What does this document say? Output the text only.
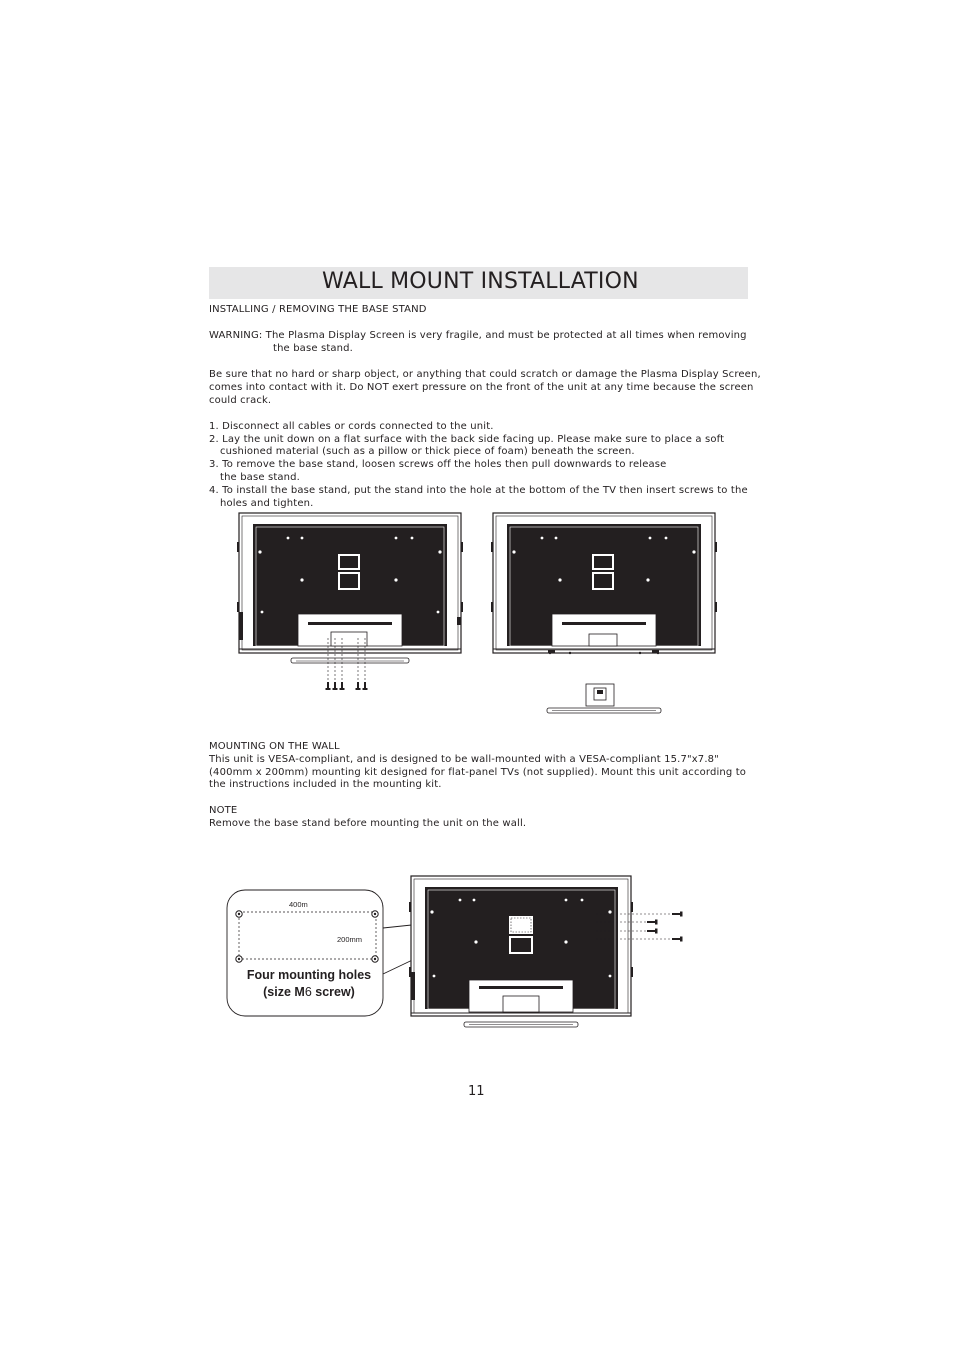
WALL MOUNT INSTALLATION
INSTALLING / REMOVING THE BASE STAND
WARNING: The Plasma Display Screen is very fragile, and must be protected at all times when removing
the base stand.
Be sure that no hard or sharp object, or anything that could scratch or damage the Plasma Display Screen,
comes into contact with it. Do NOT exert pressure on the front of the unit at any time because the screen
could crack.
1. Disconnect all cables or cords connected to the unit.
2. Lay the unit down on a flat surface with the back side facing up. Please make sure to place a soft
cushioned material (such as a pillow or thick piece of foam) beneath the screen.
3. To remove the base stand, loosen screws off the holes then pull downwards to release
the base stand.
4. To install the base stand, put the stand into the hole at the bottom of the TV then insert screws to the
holes and tighten.
MOUNTING ON THE WALL
This unit is VESA-compliant, and is designed to be wall-mounted with a VESA-compliant 15.7"x7.8"
(400mm x 200mm) mounting kit designed for flat-panel TVs (not supplied). Mount this unit according to
the instructions included in the mounting kit.
NOTE
Remove the base stand before mounting the unit on the wall.
400m
200mm
Four mounting holes
(size M6 screw)
11
